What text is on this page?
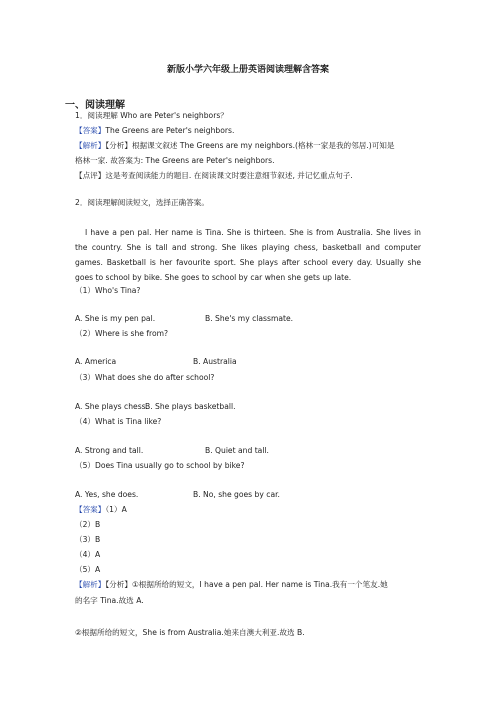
新版小学六年级上册英语阅读理解含答案
一、阅读理解
1．阅读理解 Who are Peter's neighbors？
【答案】The Greens are Peter's neighbors.
【解析】【分析】根据课文叙述 The Greens are my neighbors.(格林一家是我的邻居.)可知是
格林一家. 故答案为: The Greens are Peter's neighbors.
【点评】这是考查阅读能力的题目. 在阅读课文时要注意细节叙述, 并记忆重点句子.
2．阅读理解阅读短文，选择正确答案。
I have a pen pal. Her name is Tina. She is thirteen. She is from Australia. She lives in the country. She is tall and strong. She likes playing chess, basketball and computer games. Basketball is her favourite sport. She plays after school every day. Usually she goes to school by bike. She goes to school by car when she gets up late.
（1）Who's Tina?
A. She is my pen pal.	B. She's my classmate.
（2）Where is she from?
A. America	B. Australia
（3）What does she do after school?
A. She plays chess.
B. She plays basketball.
（4）What is Tina like?
A. Strong and tall.	B. Quiet and tall.
（5）Does Tina usually go to school by bike?
A. Yes, she does.	B. No, she goes by car.
【答案】（1）A
（2）B
（3）B
（4）A
（5）A
【解析】【分析】①根据所给的短文，I have a pen pal. Her name is Tina.我有一个笔友.她
的名字 Tina.故选 A.
②根据所给的短文，She is from Australia.她来自澳大利亚.故选 B.
